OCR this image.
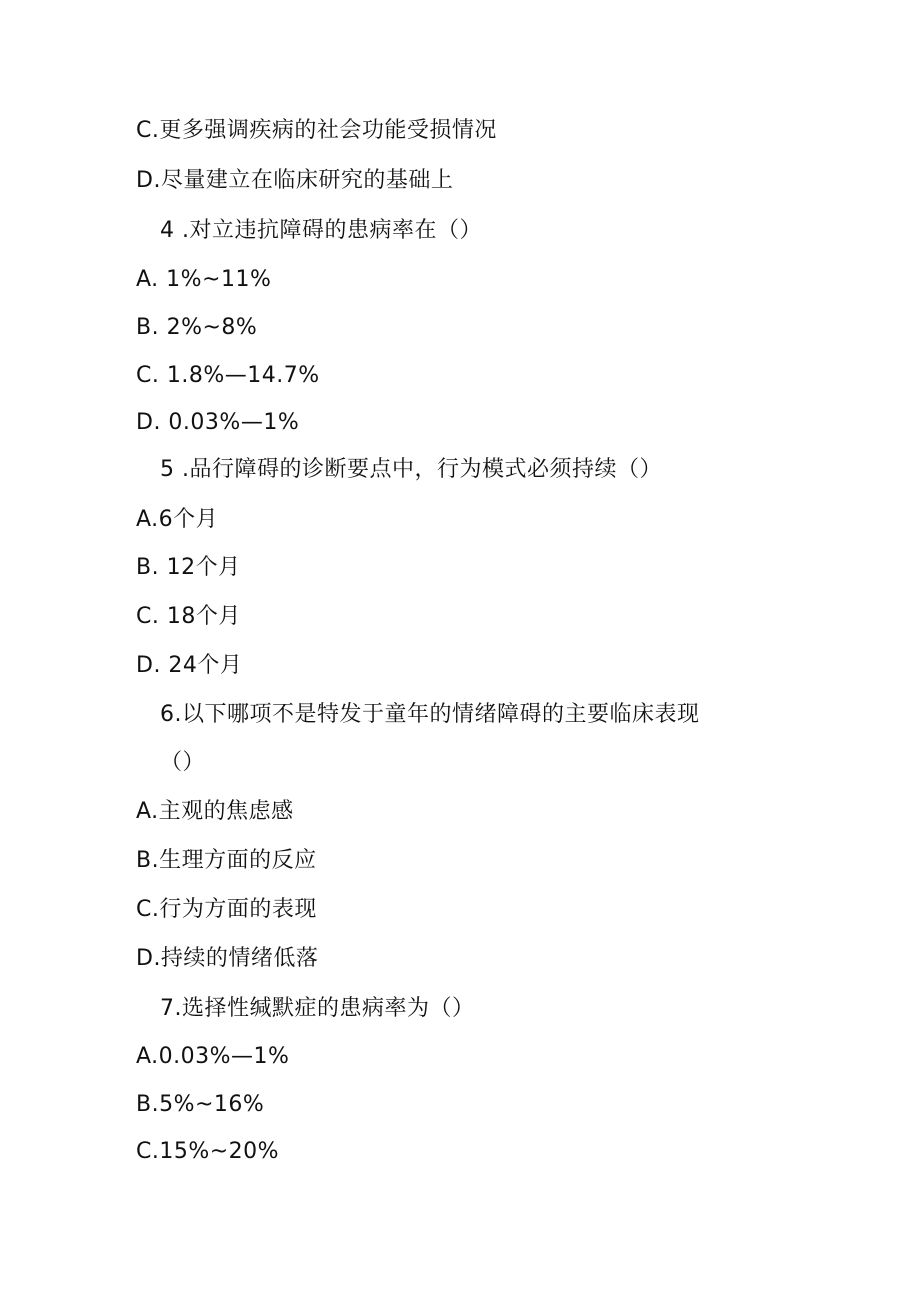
C.更多强调疾病的社会功能受损情况
D.尽量建立在临床研究的基础上
4 .对立违抗障碍的患病率在（）
A. 1%~11%
B. 2%~8%
C. 1.8%—14.7%
D. 0.03%—1%
5 .品行障碍的诊断要点中，行为模式必须持续（）
A.6个月
B. 12个月
C. 18个月
D. 24个月
6.以下哪项不是特发于童年的情绪障碍的主要临床表现
（）
A.主观的焦虑感
B.生理方面的反应
C.行为方面的表现
D.持续的情绪低落
7.选择性缄默症的患病率为（）
A.0.03%—1%
B.5%~16%
C.15%~20%
